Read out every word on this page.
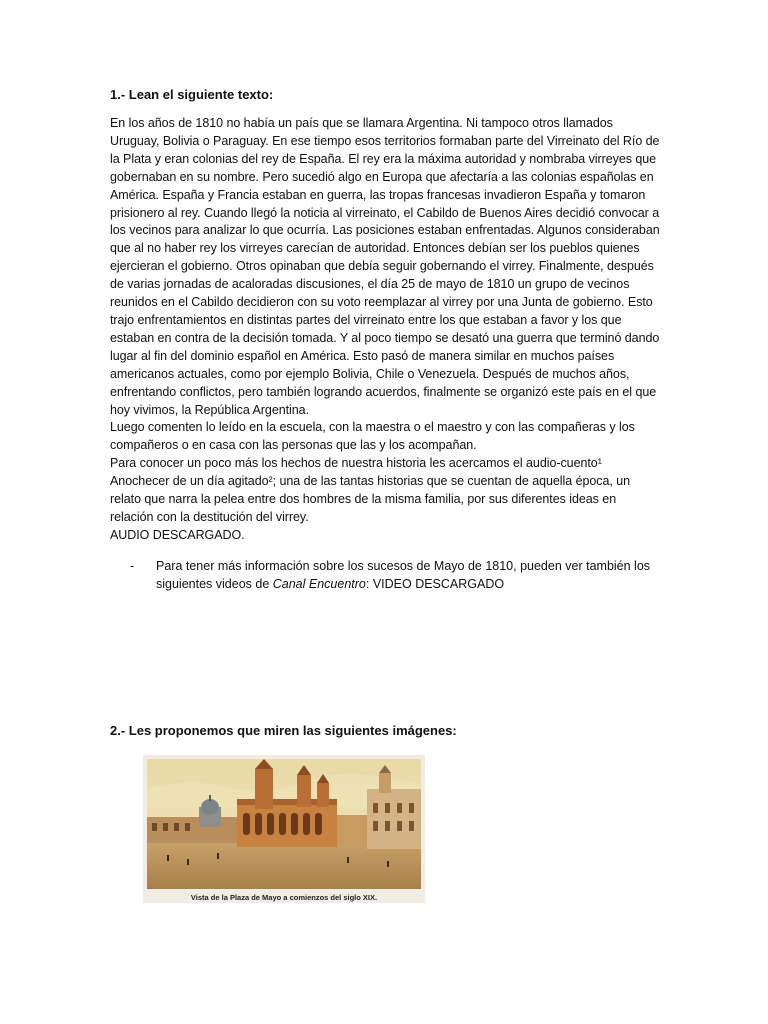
1.- Lean el siguiente texto:

En los años de 1810 no había un país que se llamara Argentina. Ni tampoco otros llamados Uruguay, Bolivia o Paraguay. En ese tiempo esos territorios formaban parte del Virreinato del Río de la Plata y eran colonias del rey de España. El rey era la máxima autoridad y nombraba virreyes que gobernaban en su nombre. Pero sucedió algo en Europa que afectaría a las colonias españolas en América. España y Francia estaban en guerra, las tropas francesas invadieron España y tomaron prisionero al rey. Cuando llegó la noticia al virreinato, el Cabildo de Buenos Aires decidió convocar a los vecinos para analizar lo que ocurría. Las posiciones estaban enfrentadas. Algunos consideraban que al no haber rey los virreyes carecían de autoridad. Entonces debían ser los pueblos quienes ejercieran el gobierno. Otros opinaban que debía seguir gobernando el virrey. Finalmente, después de varias jornadas de acaloradas discusiones, el día 25 de mayo de 1810 un grupo de vecinos reunidos en el Cabildo decidieron con su voto reemplazar al virrey por una Junta de gobierno. Esto trajo enfrentamientos en distintas partes del virreinato entre los que estaban a favor y los que estaban en contra de la decisión tomada. Y al poco tiempo se desató una guerra que terminó dando lugar al fin del dominio español en América. Esto pasó de manera similar en muchos países americanos actuales, como por ejemplo Bolivia, Chile o Venezuela. Después de muchos años, enfrentando conflictos, pero también logrando acuerdos, finalmente se organizó este país en el que hoy vivimos, la República Argentina.

Luego comenten lo leído en la escuela, con la maestra o el maestro y con las compañeras y los compañeros o en casa con las personas que las y los acompañan.

Para conocer un poco más los hechos de nuestra historia les acercamos el audio-cuento¹ Anochecer de un día agitado²; una de las tantas historias que se cuentan de aquella época, un relato que narra la pelea entre dos hombres de la misma familia, por sus diferentes ideas en relación con la destitución del virrey.

AUDIO DESCARGADO.

-	Para tener más información sobre los sucesos de Mayo de 1810, pueden ver también los siguientes videos de Canal Encuentro: VIDEO DESCARGADO

2.- Les proponemos que miren las siguientes imágenes:

Vista de la Plaza de Mayo a comienzos del siglo XIX.
